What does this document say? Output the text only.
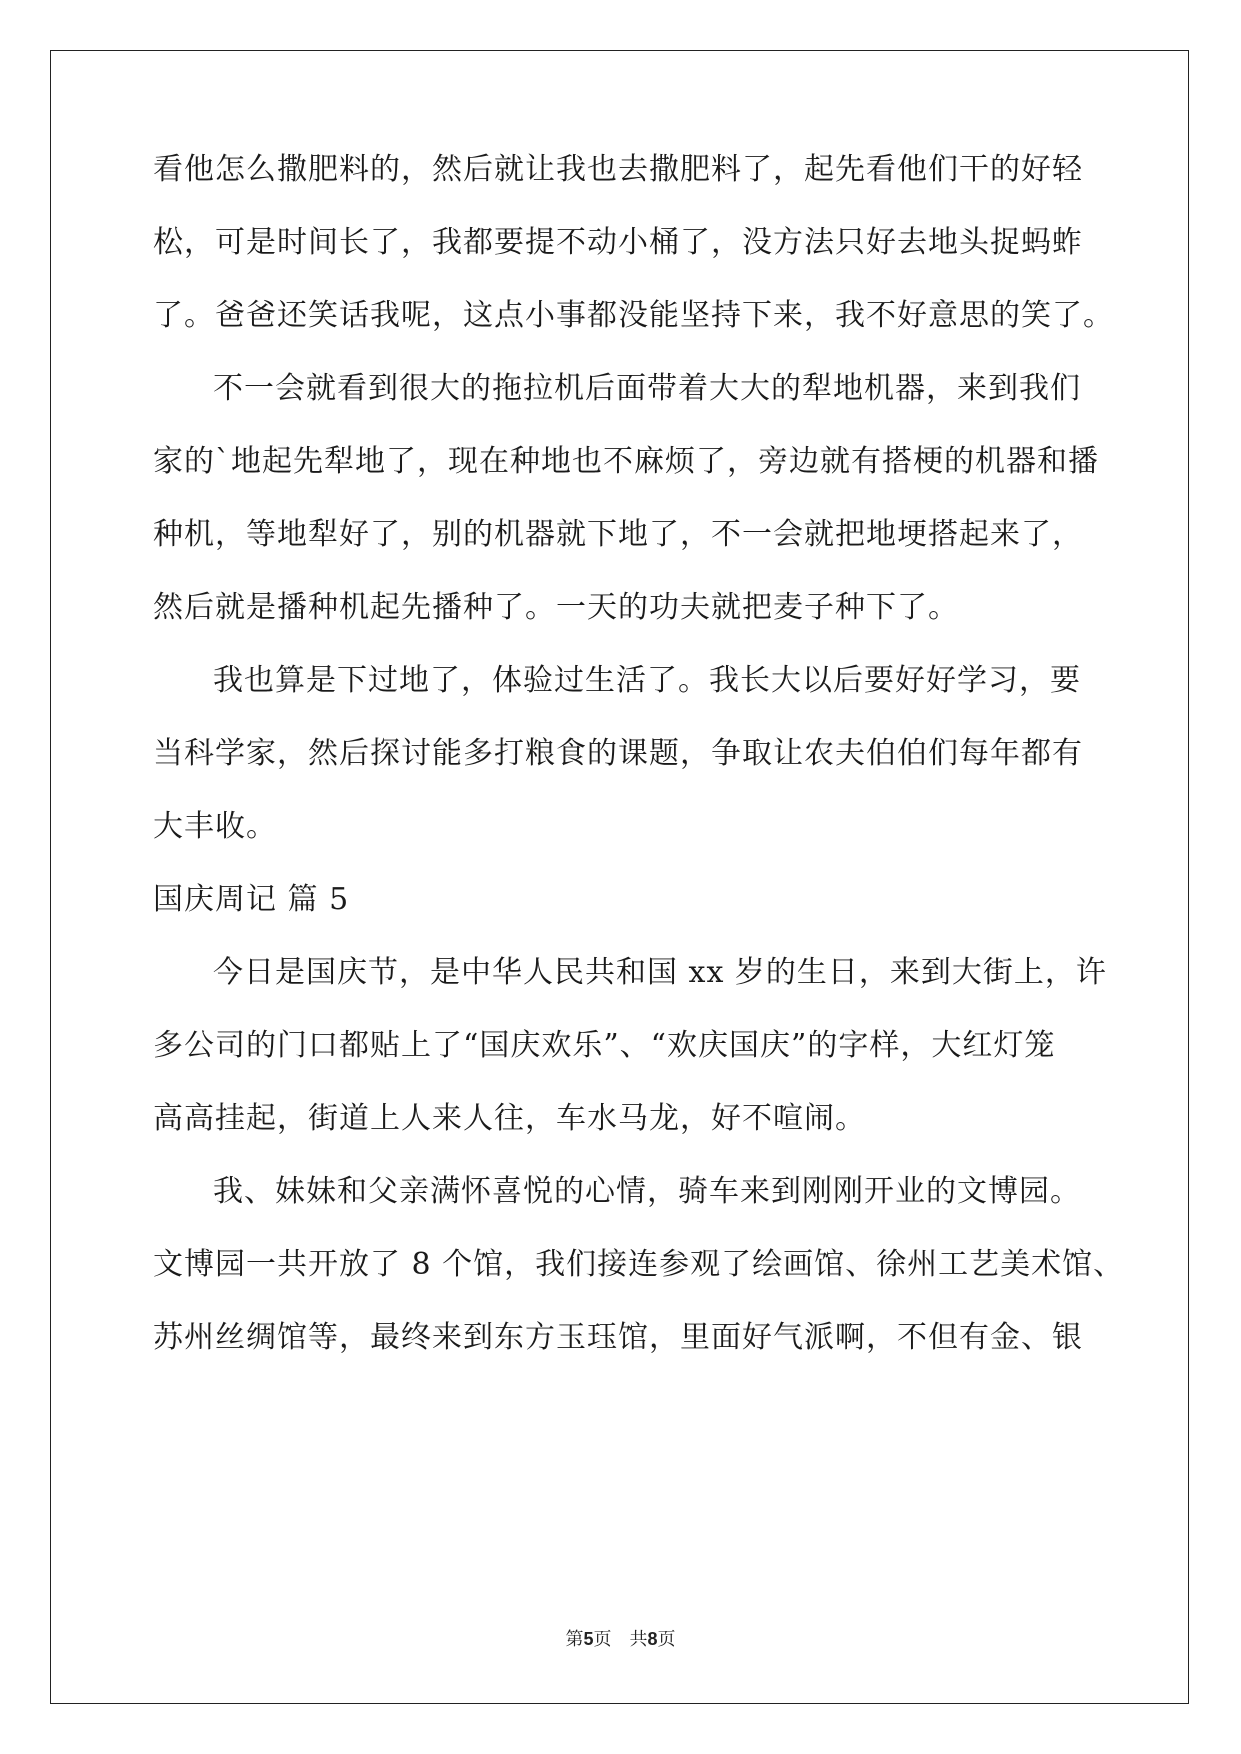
看他怎么撒肥料的，然后就让我也去撒肥料了，起先看他们干的好轻
松，可是时间长了，我都要提不动小桶了，没方法只好去地头捉蚂蚱
了。爸爸还笑话我呢，这点小事都没能坚持下来，我不好意思的笑了。
不一会就看到很大的拖拉机后面带着大大的犁地机器，来到我们
家的`地起先犁地了，现在种地也不麻烦了，旁边就有搭梗的机器和播
种机，等地犁好了，别的机器就下地了，不一会就把地埂搭起来了，
然后就是播种机起先播种了。一天的功夫就把麦子种下了。
我也算是下过地了，体验过生活了。我长大以后要好好学习，要
当科学家，然后探讨能多打粮食的课题，争取让农夫伯伯们每年都有
大丰收。
国庆周记 篇 5
今日是国庆节，是中华人民共和国 xx 岁的生日，来到大街上，许
多公司的门口都贴上了“国庆欢乐”、“欢庆国庆”的字样，大红灯笼
高高挂起，街道上人来人往，车水马龙，好不喧闹。
我、妹妹和父亲满怀喜悦的心情，骑车来到刚刚开业的文博园。
文博园一共开放了 8 个馆，我们接连参观了绘画馆、徐州工艺美术馆、
苏州丝绸馆等，最终来到东方玉珏馆，里面好气派啊，不但有金、银
第5页 共8页
